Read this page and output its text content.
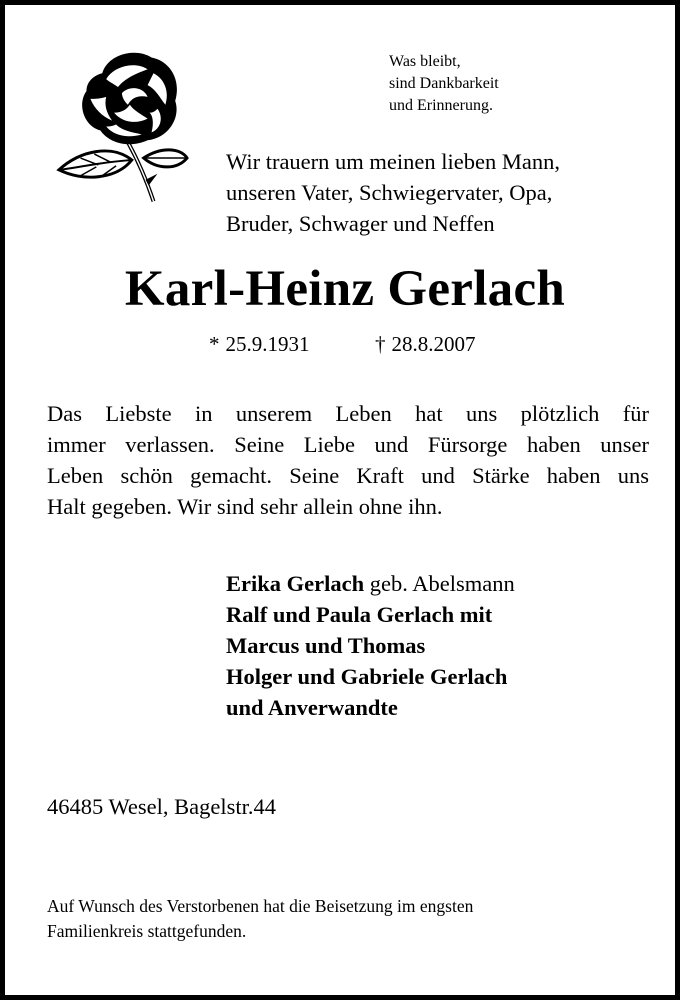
Was bleibt,
sind Dankbarkeit
und Erinnerung.
Wir trauern um meinen lieben Mann,
unseren Vater, Schwiegervater, Opa,
Bruder, Schwager und Neffen
Karl-Heinz Gerlach
* 25.9.1931	† 28.8.2007
Das Liebste in unserem Leben hat uns plötzlich für
immer verlassen. Seine Liebe und Fürsorge haben unser
Leben schön gemacht. Seine Kraft und Stärke haben uns
Halt gegeben. Wir sind sehr allein ohne ihn.
Erika Gerlach geb. Abelsmann
Ralf und Paula Gerlach mit
Marcus und Thomas
Holger und Gabriele Gerlach
und Anverwandte
46485 Wesel, Bagelstr.44
Auf Wunsch des Verstorbenen hat die Beisetzung im engsten
Familienkreis stattgefunden.
